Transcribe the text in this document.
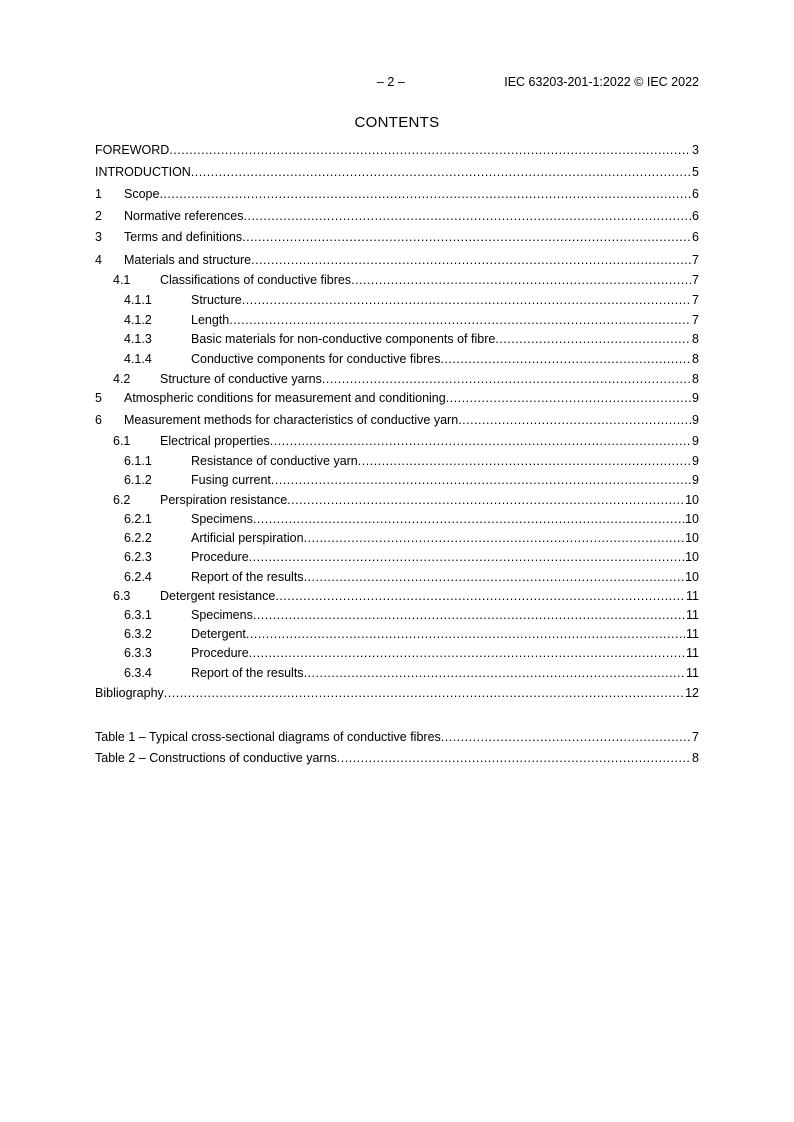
– 2 –	IEC 63203-201-1:2022 © IEC 2022
CONTENTS
FOREWORD .....	3
INTRODUCTION .....	5
1 Scope .....	6
2 Normative references .....	6
3 Terms and definitions .....	6
4 Materials and structure .....	7
4.1 Classifications of conductive fibres .....	7
4.1.1	Structure .....	7
4.1.2	Length .....	7
4.1.3	Basic materials for non-conductive components of fibre .....	8
4.1.4	Conductive components for conductive fibres .....	8
4.2 Structure of conductive yarns .....	8
5 Atmospheric conditions for measurement and conditioning .....	9
6 Measurement methods for characteristics of conductive yarn .....	9
6.1 Electrical properties .....	9
6.1.1	Resistance of conductive yarn .....	9
6.1.2	Fusing current .....	9
6.2 Perspiration resistance .....	10
6.2.1	Specimens .....	10
6.2.2	Artificial perspiration .....	10
6.2.3	Procedure .....	10
6.2.4	Report of the results .....	10
6.3 Detergent resistance .....	11
6.3.1	Specimens .....	11
6.3.2	Detergent .....	11
6.3.3	Procedure .....	11
6.3.4	Report of the results .....	11
Bibliography .....	12
Table 1 – Typical cross-sectional diagrams of conductive fibres .....	7
Table 2 – Constructions of conductive yarns .....	8
